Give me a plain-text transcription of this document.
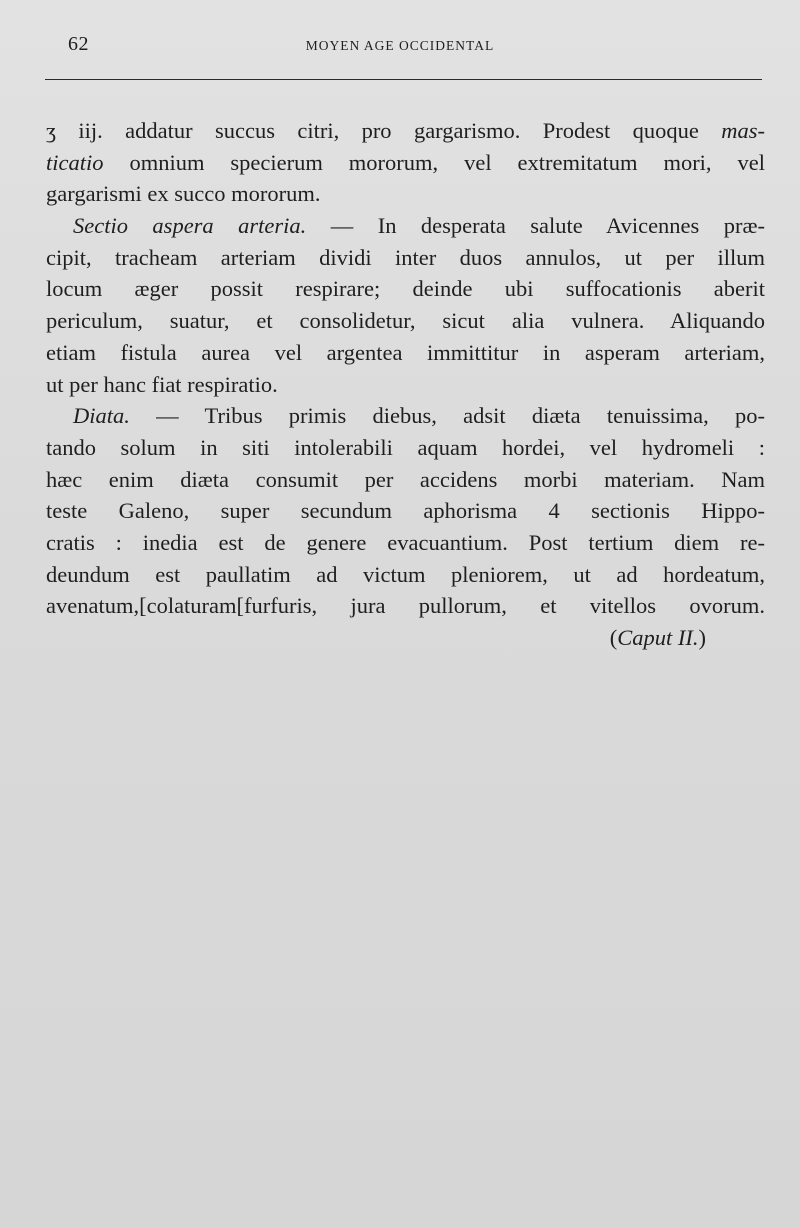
62	MOYEN AGE OCCIDENTAL
ʒ iij. addatur succus citri, pro gargarismo. Prodest quoque mas-
ticatio omnium specierum mororum, vel extremitatum mori, vel
gargarismi ex succo mororum.
Sectio aspera arteria. — In desperata salute Avicennes præ-
cipit, tracheam arteriam dividi inter duos annulos, ut per illum
locum æger possit respirare; deinde ubi suffocationis aberit
periculum, suatur, et consolidetur, sicut alia vulnera. Aliquando
etiam fistula aurea vel argentea immittitur in asperam arteriam,
ut per hanc fiat respiratio.
Diata. — Tribus primis diebus, adsit diæta tenuissima, po-
tando solum in siti intolerabili aquam hordei, vel hydromeli :
hæc enim diæta consumit per accidens morbi materiam. Nam
teste Galeno, super secundum aphorisma 4 sectionis Hippo-
cratis : inedia est de genere evacuantium. Post tertium diem re-
deundum est paullatim ad victum pleniorem, ut ad hordeatum,
avenatum,[colaturam[furfuris, jura pullorum, et vitellos ovorum.
(Caput II.)
